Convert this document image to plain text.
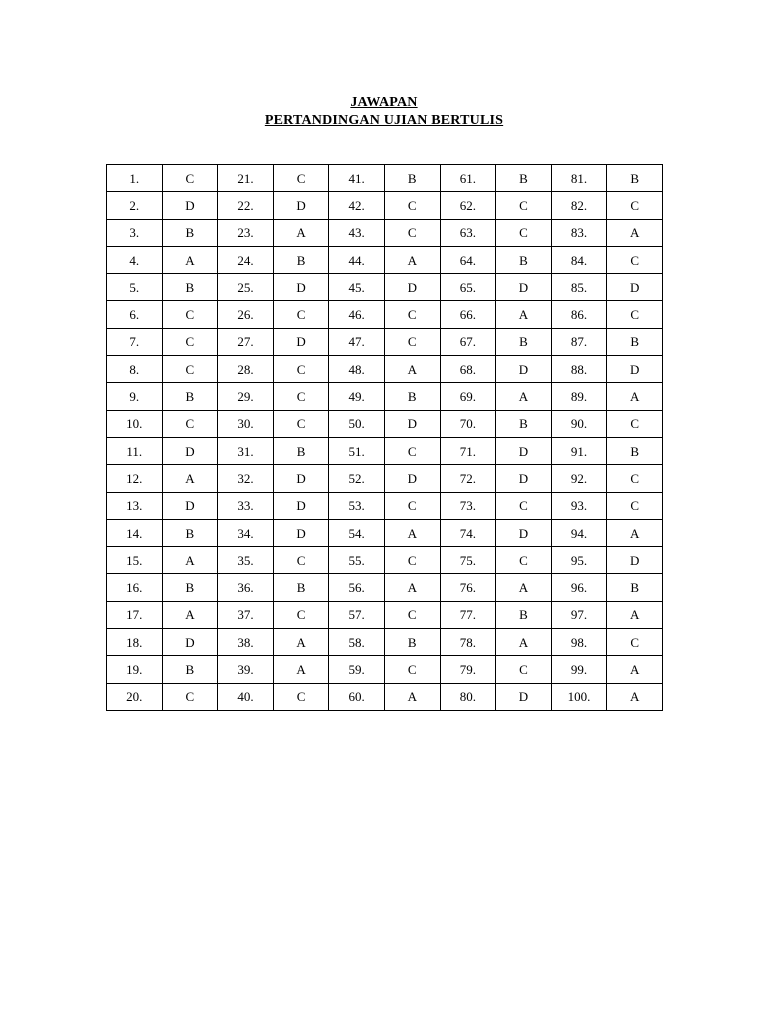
JAWAPAN
PERTANDINGAN UJIAN BERTULIS
1.	C	21.	C	41.	B	61.	B	81.	B
2.	D	22.	D	42.	C	62.	C	82.	C
3.	B	23.	A	43.	C	63.	C	83.	A
4.	A	24.	B	44.	A	64.	B	84.	C
5.	B	25.	D	45.	D	65.	D	85.	D
6.	C	26.	C	46.	C	66.	A	86.	C
7.	C	27.	D	47.	C	67.	B	87.	B
8.	C	28.	C	48.	A	68.	D	88.	D
9.	B	29.	C	49.	B	69.	A	89.	A
10.	C	30.	C	50.	D	70.	B	90.	C
11.	D	31.	B	51.	C	71.	D	91.	B
12.	A	32.	D	52.	D	72.	D	92.	C
13.	D	33.	D	53.	C	73.	C	93.	C
14.	B	34.	D	54.	A	74.	D	94.	A
15.	A	35.	C	55.	C	75.	C	95.	D
16.	B	36.	B	56.	A	76.	A	96.	B
17.	A	37.	C	57.	C	77.	B	97.	A
18.	D	38.	A	58.	B	78.	A	98.	C
19.	B	39.	A	59.	C	79.	C	99.	A
20.	C	40.	C	60.	A	80.	D	100.	A
